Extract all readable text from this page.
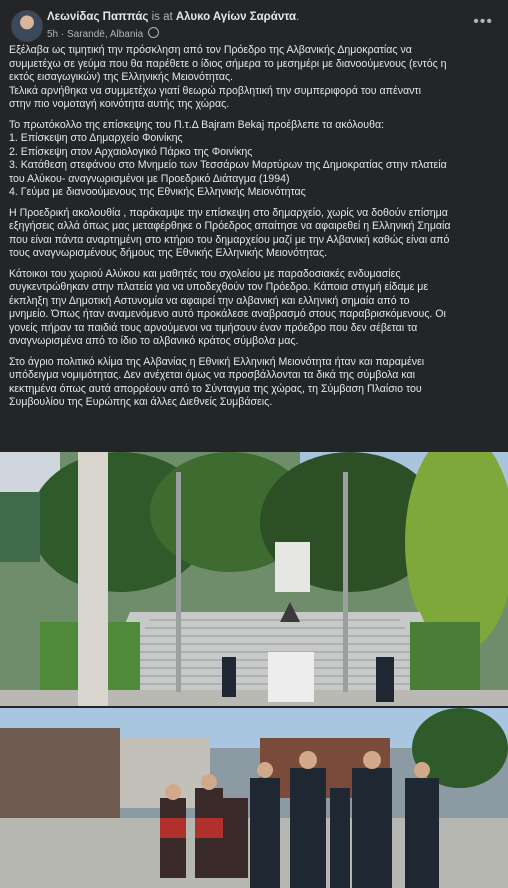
Λεωνίδας Παππάς is at Αλυκο Αγίων Σαράντα.
5h · Sarandë, Albania
•••

Εξέλαβα ως τιμητική την πρόσκληση από τον Πρόεδρο της Αλβανικής Δημοκρατίας να
συμμετέχω σε γεύμα που θα παρέθετε ο ίδιος σήμερα το μεσημέρι με διανοούμενους (εντός η
εκτός εισαγωγικών) της Ελληνικής Μειονότητας.
Τελικά αρνήθηκα να συμμετέχω γιατί θεωρώ προβλητική την συμπεριφορά του απέναντι
στην πιο νομοταγή κοινότητα αυτής της χώρας.

Το πρωτόκολλο της επίσκεψης του Π.τ.Δ Bajram Bekaj προέβλεπε τα ακόλουθα:
1. Επίσκεψη στο Δημαρχείο Φοινίκης
2. Επίσκεψη στον Αρχαιολογικό Πάρκο της Φοινίκης
3. Κατάθεση στεφάνου στο Μνημείο των Τεσσάρων Μαρτύρων της Δημοκρατίας στην πλατεία
του Αλύκου- αναγνωρισμένοι με Προεδρικό Διάταγμα (1994)
4. Γεύμα με διανοούμενους της Εθνικής Ελληνικής Μειονότητας

Η Προεδρική ακολουθία , παράκαμψε την επίσκεψη στο δημαρχείο, χωρίς να δοθούν επίσημα
εξηγήσεις αλλά όπως μας μεταφέρθηκε ο Πρόεδρος απαίτησε να αφαιρεθεί η Ελληνική Σημαία
που είναι πάντα αναρτημένη στο κτήριο του δημαρχείου μαζί με την Αλβανική καθώς είναι από
τους αναγνωρισμένους δήμους της Εθνικής Ελληνικής Μειονότητας.

Κάτοικοι του χωριού Αλύκου και μαθητές του σχολείου με παραδοσιακές ενδυμασίες
συγκεντρώθηκαν στην πλατεία για να υποδεχθούν τον Πρόεδρο. Κάποια στιγμή είδαμε με
έκπληξη την Δημοτική Αστυνομία να αφαιρεί την αλβανική και ελληνική σημαία από το
μνημείο. Όπως ήταν αναμενόμενο αυτό προκάλεσε αναβρασμό στους παραβρισκόμενους. Οι
γονείς πήραν τα παιδιά τους αρνούμενοι να τιμήσουν έναν πρόεδρο που δεν σέβεται τα
αναγνωρισμένα από το ίδιο το αλβανικό κράτος σύμβολα μας.

Στο άγριο πολιτικό κλίμα της Αλβανίας η Εθνική Ελληνική Μειονότητα ήταν και παραμένει
υπόδειγμα νομιμότητας. Δεν ανέχεται όμως να προσβάλλονται τα δικά της σύμβολα και
κεκτημένα όπως αυτά απορρέουν από το Σύνταγμα της χώρας, τη Σύμβαση Πλαίσιο του
Συμβουλίου της Ευρώπης και άλλες Διεθνείς Συμβάσεις.
